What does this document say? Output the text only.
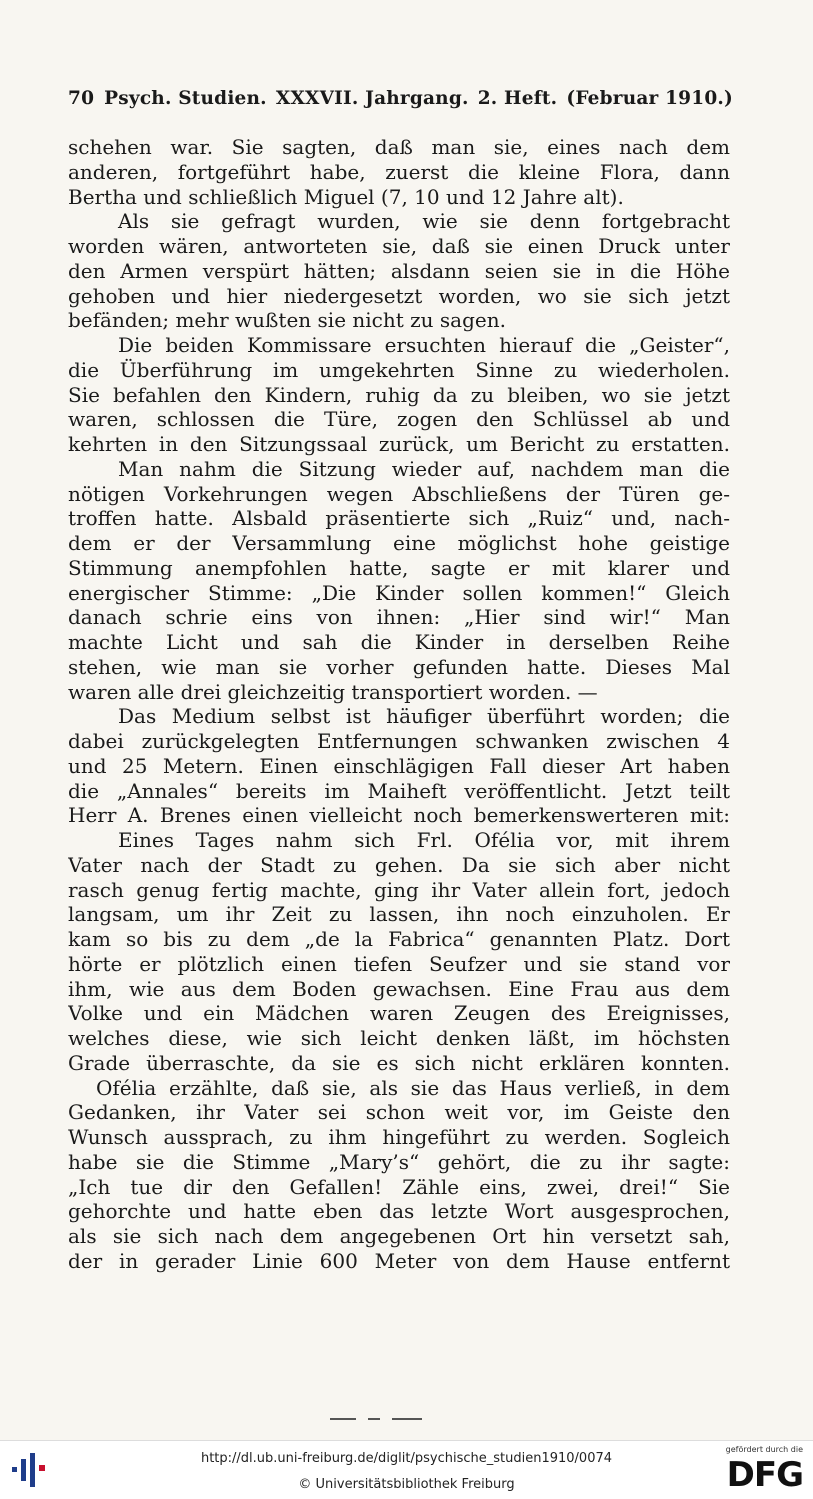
70 Psych. Studien. XXXVII. Jahrgang. 2. Heft. (Februar 1910.)
schehen war. Sie sagten, daß man sie, eines nach dem
anderen, fortgeführt habe, zuerst die kleine Flora, dann
Bertha und schließlich Miguel (7, 10 und 12 Jahre alt).
Als sie gefragt wurden, wie sie denn fortgebracht
worden wären, antworteten sie, daß sie einen Druck unter
den Armen verspürt hätten; alsdann seien sie in die Höhe
gehoben und hier niedergesetzt worden, wo sie sich jetzt
befänden; mehr wußten sie nicht zu sagen.
Die beiden Kommissare ersuchten hierauf die „Geister“,
die Überführung im umgekehrten Sinne zu wiederholen.
Sie befahlen den Kindern, ruhig da zu bleiben, wo sie jetzt
waren, schlossen die Türe, zogen den Schlüssel ab und
kehrten in den Sitzungssaal zurück, um Bericht zu erstatten.
Man nahm die Sitzung wieder auf, nachdem man die
nötigen Vorkehrungen wegen Abschließens der Türen ge-
troffen hatte. Alsbald präsentierte sich „Ruiz“ und, nach-
dem er der Versammlung eine möglichst hohe geistige
Stimmung anempfohlen hatte, sagte er mit klarer und
energischer Stimme: „Die Kinder sollen kommen!“ Gleich
danach schrie eins von ihnen: „Hier sind wir!“ Man
machte Licht und sah die Kinder in derselben Reihe
stehen, wie man sie vorher gefunden hatte. Dieses Mal
waren alle drei gleichzeitig transportiert worden. —
Das Medium selbst ist häufiger überführt worden; die
dabei zurückgelegten Entfernungen schwanken zwischen 4
und 25 Metern. Einen einschlägigen Fall dieser Art haben
die „Annales“ bereits im Maiheft veröffentlicht. Jetzt teilt
Herr A. Brenes einen vielleicht noch bemerkenswerteren mit:
Eines Tages nahm sich Frl. Ofélia vor, mit ihrem
Vater nach der Stadt zu gehen. Da sie sich aber nicht
rasch genug fertig machte, ging ihr Vater allein fort, jedoch
langsam, um ihr Zeit zu lassen, ihn noch einzuholen. Er
kam so bis zu dem „de la Fabrica“ genannten Platz. Dort
hörte er plötzlich einen tiefen Seufzer und sie stand vor
ihm, wie aus dem Boden gewachsen. Eine Frau aus dem
Volke und ein Mädchen waren Zeugen des Ereignisses,
welches diese, wie sich leicht denken läßt, im höchsten
Grade überraschte, da sie es sich nicht erklären konnten.
Ofélia erzählte, daß sie, als sie das Haus verließ, in dem
Gedanken, ihr Vater sei schon weit vor, im Geiste den
Wunsch aussprach, zu ihm hingeführt zu werden. Sogleich
habe sie die Stimme „Mary’s“ gehört, die zu ihr sagte:
„Ich tue dir den Gefallen! Zähle eins, zwei, drei!“ Sie
gehorchte und hatte eben das letzte Wort ausgesprochen,
als sie sich nach dem angegebenen Ort hin versetzt sah,
der in gerader Linie 600 Meter von dem Hause entfernt
http://dl.ub.uni-freiburg.de/diglit/psychische_studien1910/0074
© Universitätsbibliothek Freiburg
gefördert durch die
DFG
